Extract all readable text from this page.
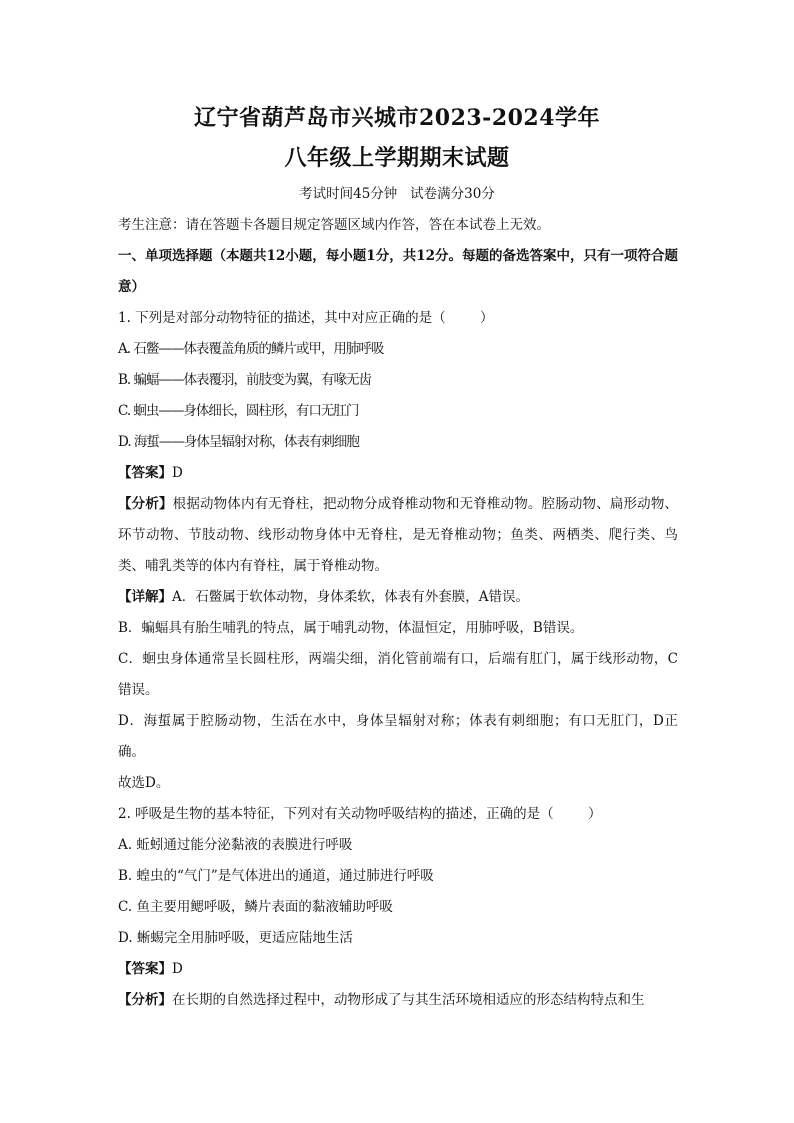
辽宁省葫芦岛市兴城市2023-2024学年
八年级上学期期末试题
考试时间45分钟   试卷满分30分
考生注意：请在答题卡各题目规定答题区域内作答，答在本试卷上无效。
一、单项选择题（本题共12小题，每小题1分，共12分。每题的备选答案中，只有一项符合题意）
1. 下列是对部分动物特征的描述，其中对应正确的是（        ）
A. 石鳖——体表覆盖角质的鳞片或甲，用肺呼吸
B. 蝙蝠——体表覆羽，前肢变为翼，有喙无齿
C. 蛔虫——身体细长，圆柱形，有口无肛门
D. 海蜇——身体呈辐射对称，体表有刺细胞
【答案】D
【分析】根据动物体内有无脊柱，把动物分成脊椎动物和无脊椎动物。腔肠动物、扁形动物、环节动物、节肢动物、线形动物身体中无脊柱，是无脊椎动物；鱼类、两栖类、爬行类、鸟类、哺乳类等的体内有脊柱，属于脊椎动物。
【详解】A．石鳖属于软体动物，身体柔软，体表有外套膜，A错误。
B．蝙蝠具有胎生哺乳的特点，属于哺乳动物，体温恒定，用肺呼吸，B错误。
C．蛔虫身体通常呈长圆柱形，两端尖细，消化管前端有口，后端有肛门，属于线形动物，C错误。
D．海蜇属于腔肠动物，生活在水中，身体呈辐射对称；体表有刺细胞；有口无肛门，D正确。
故选D。
2. 呼吸是生物的基本特征，下列对有关动物呼吸结构的描述，正确的是（        ）
A. 蚯蚓通过能分泌黏液的表膜进行呼吸
B. 蝗虫的“气门”是气体进出的通道，通过肺进行呼吸
C. 鱼主要用鳃呼吸，鳞片表面的黏液辅助呼吸
D. 蜥蜴完全用肺呼吸，更适应陆地生活
【答案】D
【分析】在长期的自然选择过程中，动物形成了与其生活环境相适应的形态结构特点和生
